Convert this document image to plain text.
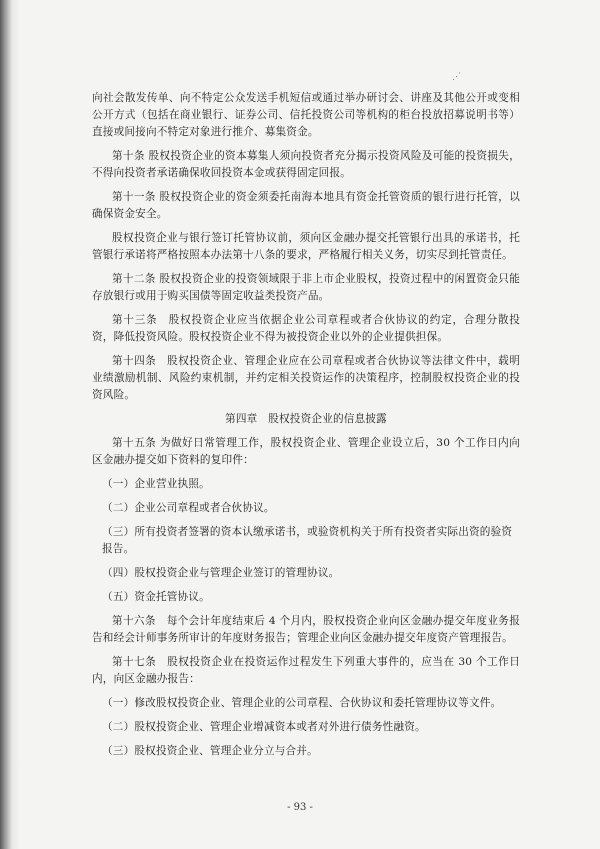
⋰

向社会散发传单、向不特定公众发送手机短信或通过举办研讨会、讲座及其他公开或变相公开方式（包括在商业银行、证券公司、信托投资公司等机构的柜台投放招募说明书等）直接或间接向不特定对象进行推介、募集资金。

第十条 股权投资企业的资本募集人须向投资者充分揭示投资风险及可能的投资损失，不得向投资者承诺确保收回投资本金或获得固定回报。

第十一条 股权投资企业的资金须委托南海本地具有资金托管资质的银行进行托管，以确保资金安全。

股权投资企业与银行签订托管协议前，须向区金融办提交托管银行出具的承诺书，托管银行承诺将严格按照本办法第十八条的要求，严格履行相关义务，切实尽到托管责任。

第十二条 股权投资企业的投资领域限于非上市企业股权，投资过程中的闲置资金只能存放银行或用于购买国债等固定收益类投资产品。

第十三条　股权投资企业应当依据企业公司章程或者合伙协议的约定，合理分散投资，降低投资风险。股权投资企业不得为被投资企业以外的企业提供担保。

第十四条　股权投资企业、管理企业应在公司章程或者合伙协议等法律文件中，载明业绩激励机制、风险约束机制，并约定相关投资运作的决策程序，控制股权投资企业的投资风险。

第四章　股权投资企业的信息披露

第十五条 为做好日常管理工作，股权投资企业、管理企业设立后，30 个工作日内向区金融办提交如下资料的复印件：

（一）企业营业执照。

（二）企业公司章程或者合伙协议。

（三）所有投资者签署的资本认缴承诺书，或验资机构关于所有投资者实际出资的验资报告。

（四）股权投资企业与管理企业签订的管理协议。

（五）资金托管协议。

第十六条　每个会计年度结束后 4 个月内，股权投资企业向区金融办提交年度业务报告和经会计师事务所审计的年度财务报告；管理企业向区金融办提交年度资产管理报告。

第十七条　股权投资企业在投资运作过程发生下列重大事件的，应当在 30 个工作日内，向区金融办报告：

（一）修改股权投资企业、管理企业的公司章程、合伙协议和委托管理协议等文件。

（二）股权投资企业、管理企业增减资本或者对外进行债务性融资。

（三）股权投资企业、管理企业分立与合并。

- 93 -
